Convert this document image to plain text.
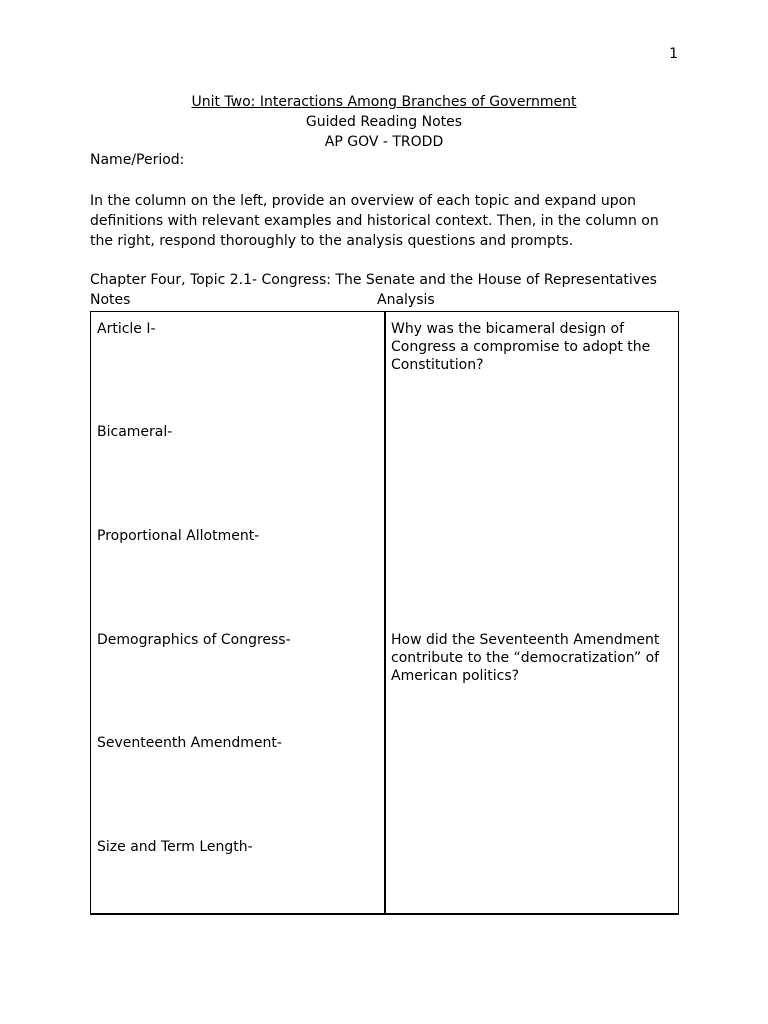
1
Unit Two: Interactions Among Branches of Government
Guided Reading Notes
AP GOV - TRODD
Name/Period:
In the column on the left, provide an overview of each topic and expand upon definitions with relevant examples and historical context. Then, in the column on the right, respond thoroughly to the analysis questions and prompts.
Chapter Four, Topic 2.1- Congress: The Senate and the House of Representatives
Notes	Analysis
Article I-
Bicameral-
Proportional Allotment-
Demographics of Congress-
Seventeenth Amendment-
Size and Term Length-
Why was the bicameral design of Congress a compromise to adopt the Constitution?
How did the Seventeenth Amendment contribute to the “democratization” of American politics?
